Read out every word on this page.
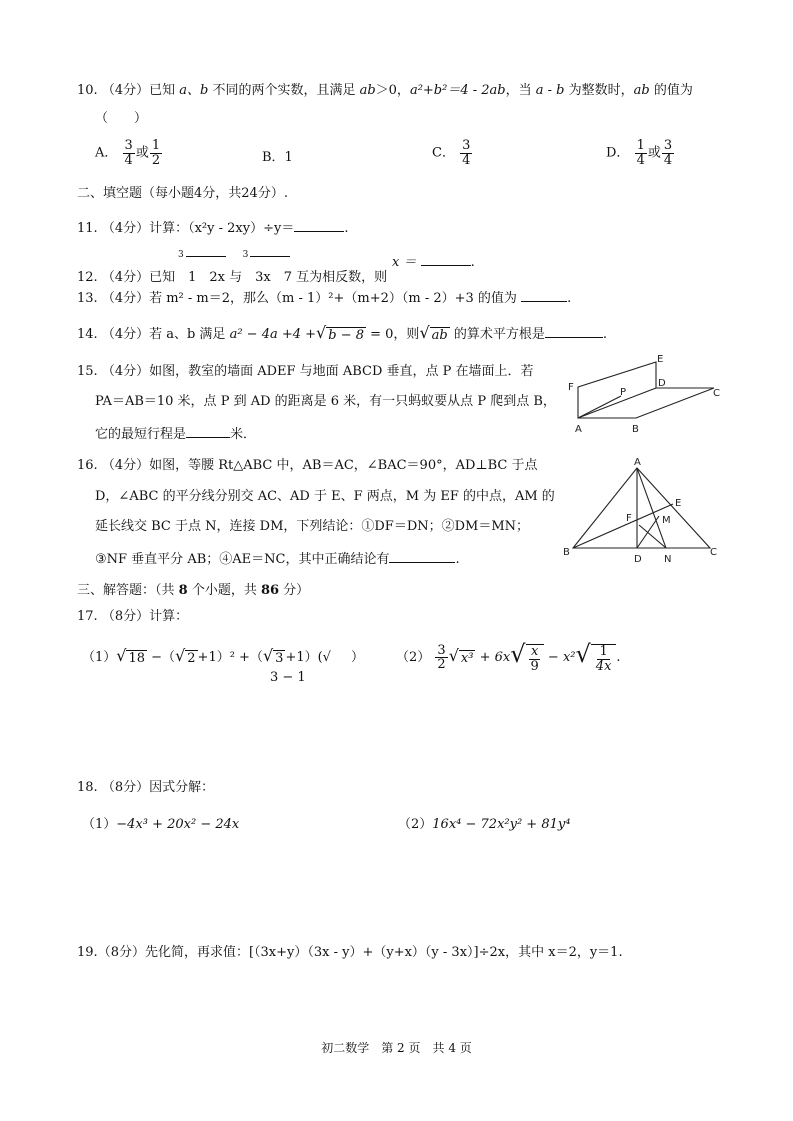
10. （4分）已知 a、b 不同的两个实数，且满足 ab＞0，a²+b²＝4 - 2ab，当 a - b 为整数时，ab 的值为
（　　）
A． $\frac{3}{4}$ 或 $\frac{1}{2}$	B．1	C． $\frac{3}{4}$	D． $\frac{1}{4}$ 或 $\frac{3}{4}$
二、填空题（每小题4分，共24分）.
11. （4分）计算：（x²y - 2xy）÷y＝	.
3	3	x ＝	.
12. （4分）已知　1　2x 与　3x　7 互为相反数，则
13. （4分）若 m² - m＝2，那么（m - 1）²+（m+2）（m - 2）+3 的值为	.
14. （4分）若 a、b 满足 a² − 4a +4 + √ b − 8 = 0，则 √ ab 的算术平方根是	.
15. （4分）如图，教室的墙面 ADEF 与地面 ABCD 垂直，点 P 在墙面上．若
PA＝AB＝10 米，点 P 到 AD 的距离是 6 米，有一只蚂蚁要从点 P 爬到点 B，
它的最短行程是	米．
E
F	P
D
C
A	B
16. （4分）如图，等腰 Rt△ABC 中，AB＝AC，∠BAC＝90°，AD⊥BC 于点
D，∠ABC 的平分线分别交 AC、AD 于 E、F 两点，M 为 EF 的中点，AM 的
延长线交 BC 于点 N，连接 DM，下列结论：①DF＝DN；②DM＝MN；
③NF 垂直平分 AB；④AE＝NC，其中正确结论有	.
A
E
F	M
B
D N
C
三、解答题：（共 8 个小题，共 86 分）
17. （8分）计算：
（1） √ 18 −（ √ 2 +1）² +（ √ 3 +1）(√ ）
3 − 1
$(2) \frac{3}{2}$ √ x³ + 6x √ $\frac{x}{9} - x^2$ √ $\frac{1}{4x}$ .
18. （8分）因式分解：
（1）−4x³ + 20x² − 24x	（2）16x⁴ − 72x²y² + 81y⁴
19.（8分）先化简，再求值：[（3x+y）（3x - y）+（y+x）（y - 3x）]÷2x，其中 x＝2，y＝1.
初二数学　第 2 页　共 4 页
